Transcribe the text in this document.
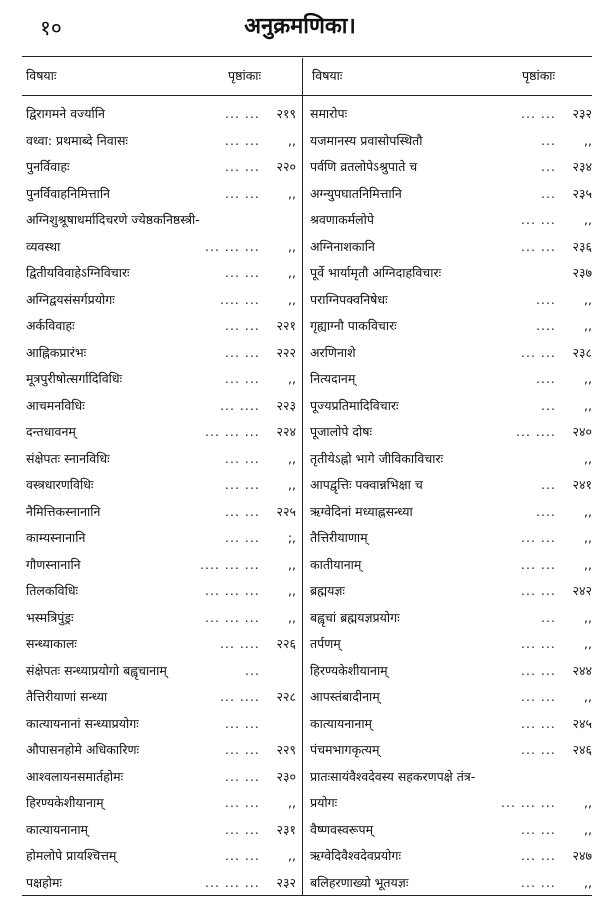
१०	अनुक्रमणिका।
विषयाः	पृष्ठांकाः	विषयाः	पृष्ठांकाः
द्विरागमने वर्ज्यानि	... ...	२१९
वध्वा: प्रथमाब्दे निवासः	... ...	,,
पुनर्विवाहः	... ...	२२०
पुनर्विवाहनिमित्तानि	... ...	,,
अग्निशुश्रूषाधर्मादिचरणे ज्येष्ठकनिष्ठस्त्री-
व्यवस्था	... ... ...	,,
द्वितीयविवाहेऽग्निविचारः	... ...	,,
अग्निद्वयसंसर्गप्रयोगः	.... ...	,,
अर्कविवाहः	... ...	२२१
आह्निकप्रारंभः	... ...	२२२
मूत्रपुरीषोत्सर्गादिविधिः	... ...	,,
आचमनविधिः	... ....	२२३
दन्तधावनम्	... ... ...	२२४
संक्षेपतः स्नानविधिः	... ...	,,
वस्त्रधारणविधिः	... ...	,,
नैमित्तिकस्नानानि	... ...	२२५
काम्यस्नानानि	... ...	;,
गौणस्नानानि	.... ... ...	,,
तिलकविधिः	... ... ...	,,
भस्मत्रिपुंड्रः	... ... ...	,,
सन्ध्याकालः	... ....	२२६
संक्षेपतः सन्ध्याप्रयोगो बह्वृचानाम्	...
तैत्तिरीयाणां सन्ध्या	... ....	२२८
कात्यायनानां सन्ध्याप्रयोगः	... ...
औपासनहोमे अधिकारिणः	... ...	२२९
आश्वलायनसमार्तहोमः	... ...	२३०
हिरण्यकेशीयानाम्	... ...	,,
कात्यायनानाम्	... ...	२३१
होमलोपे प्रायश्चित्तम्	... ...	,,
पक्षहोमः	... ... ...	२३२
समारोपः	... ...	२३२
यजमानस्य प्रवासोपस्थितौ	...	,,
पर्वणि व्रतलोपेऽश्रुपाते च	...	२३४
अग्न्युपघातनिमित्तानि	...	२३५
श्रवणाकर्मलोपे	... ...	,,
अग्निनाशकानि	... ...	२३६
पूर्वे भार्यामृतौ अग्निदाहविचारः	२३७
पराग्निपक्वनिषेधः	....	,,
गृह्याग्नौ पाकविचारः	....	,,
अरणिनाशे	... ...	२३८
नित्यदानम्	....	,,
पूज्यप्रतिमादिविचारः	...	,,
पूजालोपे दोषः	... ....	२४०
तृतीयेऽह्नो भागे जीविकाविचारः	,,
आपद्वृत्तिः पक्वान्नभिक्षा च	...	२४१
ऋग्वेदिनां मध्याह्नसन्ध्या	....	,,
तैत्तिरीयाणाम्	... ...	,,
कातीयानाम्	... ...	,,
ब्रह्मयज्ञः	... ...	२४२
बह्वृचां ब्रह्मयज्ञप्रयोगः	...	,,
तर्पणम्	... ...	,,
हिरण्यकेशीयानाम्	... ...	२४४
आपस्तंबादीनाम्	... ...	,,
कात्यायनानाम्	... ...	२४५
पंचमभागकृत्यम्	... ...	२४६
प्रातःसायंवैश्वदेवस्य सहकरणपक्षे तंत्र-
प्रयोगः	... ... ...	,,
वैष्णवस्वरूपम्	... ...	,,
ऋग्वेदिवैश्वदेवप्रयोगः	... ...	२४७
बलिहरणाख्यो भूतयज्ञः	... ...	,,
